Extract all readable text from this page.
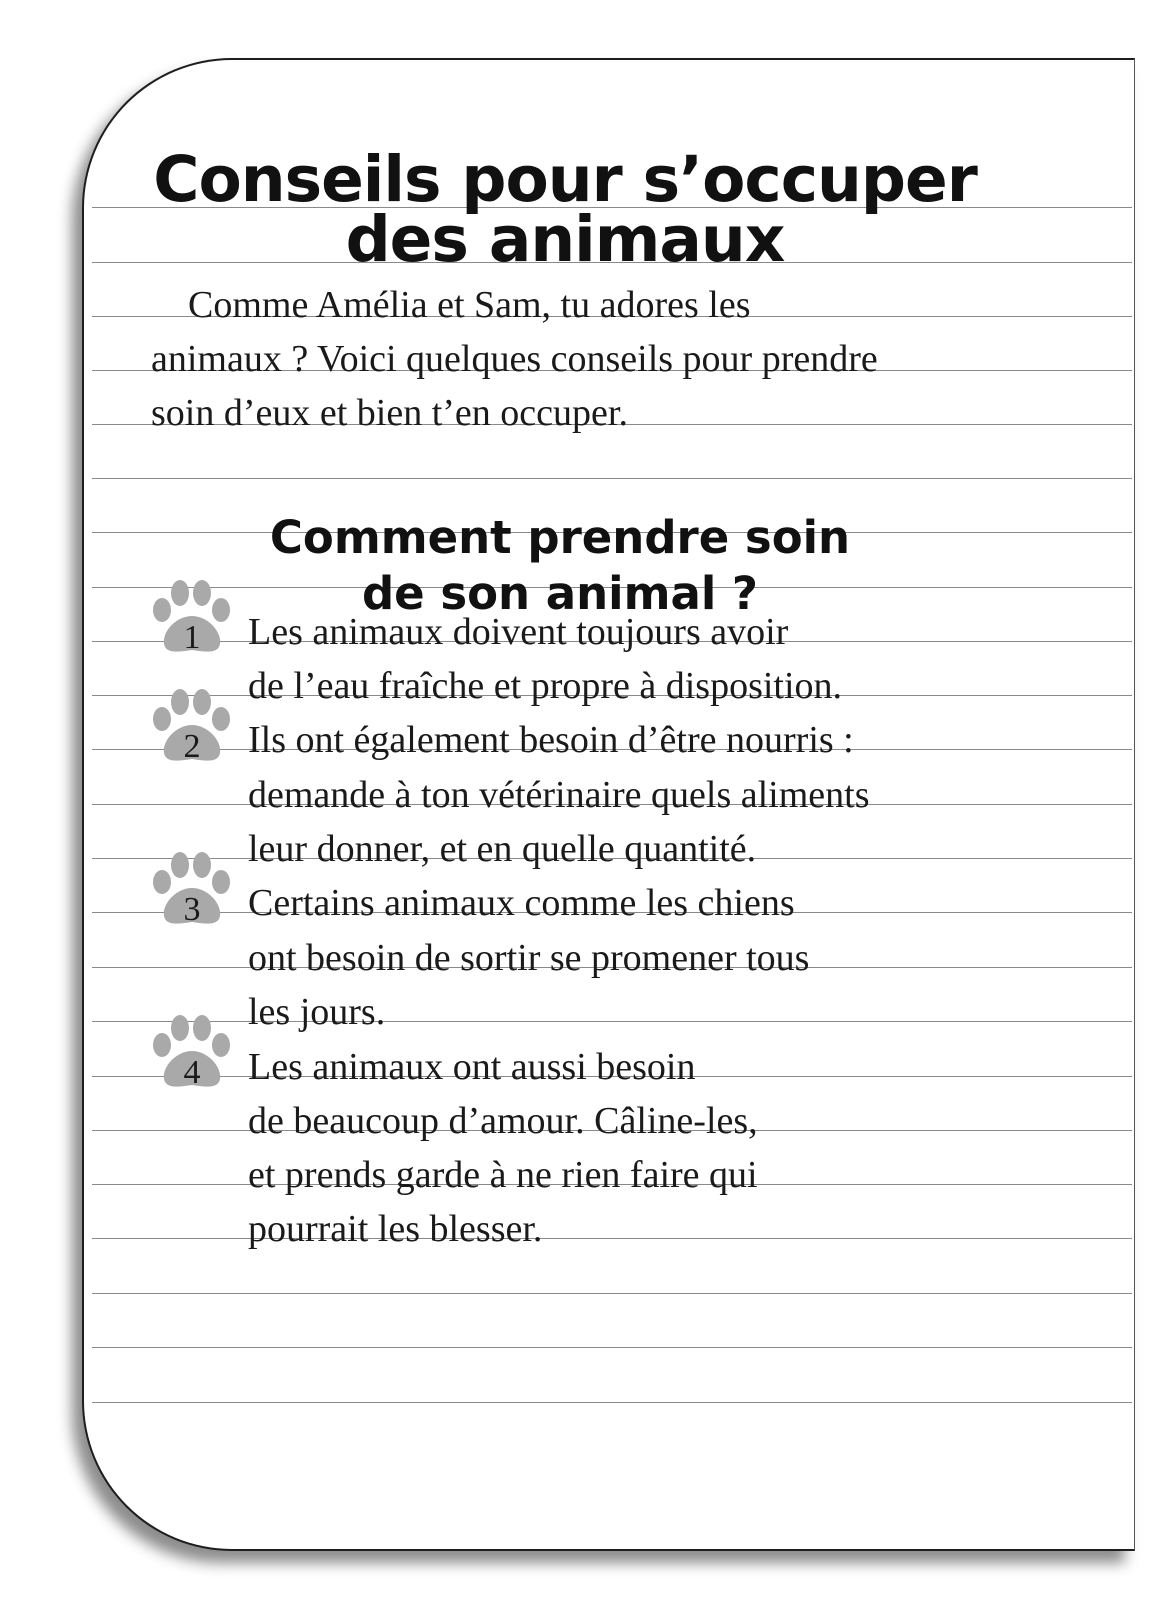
Conseils pour s’occuper
des animaux
Comme Amélia et Sam, tu adores les
animaux ? Voici quelques conseils pour prendre
soin d’eux et bien t’en occuper.
Comment prendre soin
de son animal ?
1
2
3
4
Les animaux doivent toujours avoir
de l’eau fraîche et propre à disposition.
Ils ont également besoin d’être nourris :
demande à ton vétérinaire quels aliments
leur donner, et en quelle quantité.
Certains animaux comme les chiens
ont besoin de sortir se promener tous
les jours.
Les animaux ont aussi besoin
de beaucoup d’amour. Câline-les,
et prends garde à ne rien faire qui
pourrait les blesser.
